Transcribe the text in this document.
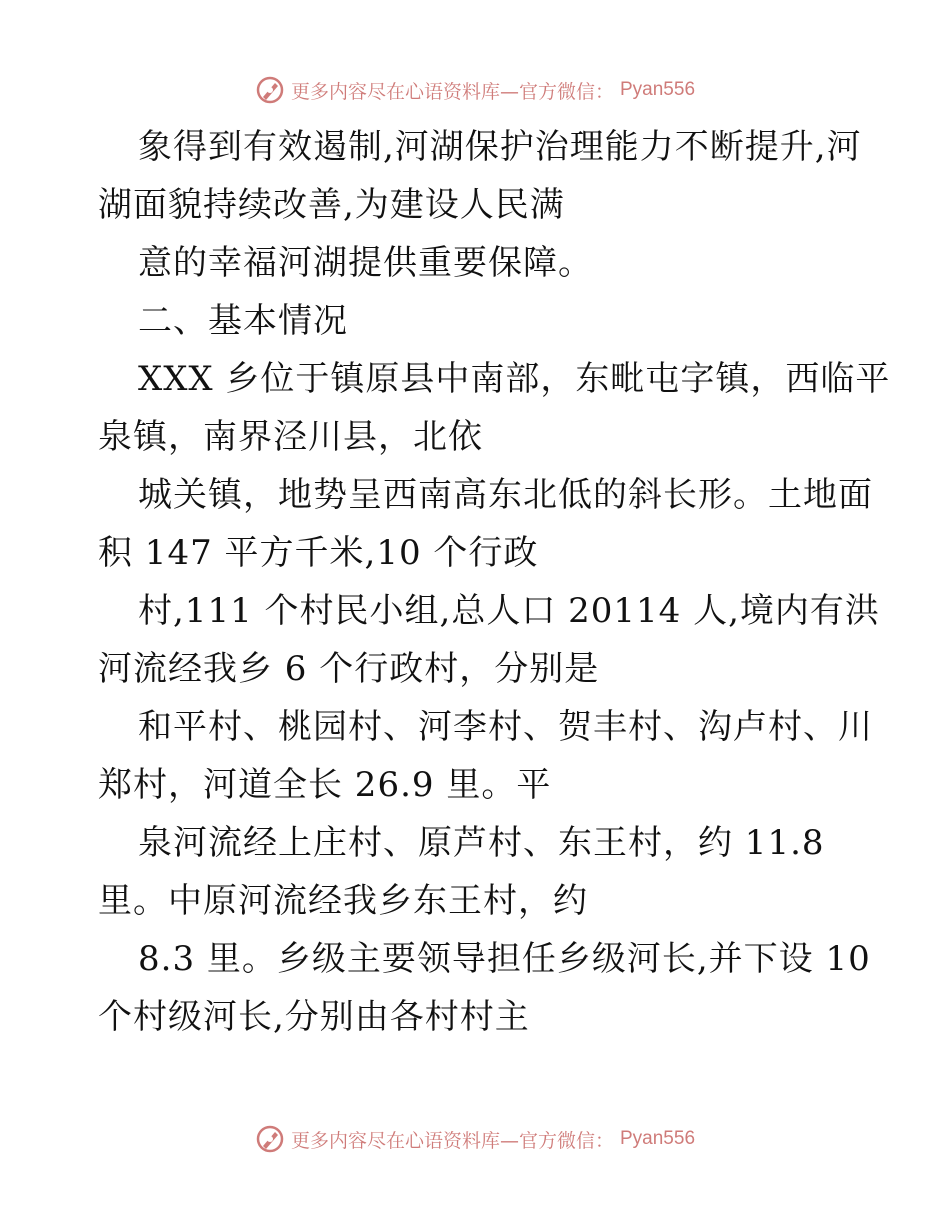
更多内容尽在心语资料库—官方微信： Pyan556
象得到有效遏制,河湖保护治理能力不断提升,河
湖面貌持续改善,为建设人民满
意的幸福河湖提供重要保障。
二、基本情况
XXX 乡位于镇原县中南部，东毗屯字镇，西临平
泉镇，南界泾川县，北依
城关镇，地势呈西南高东北低的斜长形。土地面
积 147 平方千米,10 个行政
村,111 个村民小组,总人口 20114 人,境内有洪
河流经我乡 6 个行政村，分别是
和平村、桃园村、河李村、贺丰村、沟卢村、川
郑村，河道全长 26.9 里。平
泉河流经上庄村、原芦村、东王村，约 11.8
里。中原河流经我乡东王村，约
8.3 里。乡级主要领导担任乡级河长,并下设 10
个村级河长,分别由各村村主
更多内容尽在心语资料库—官方微信： Pyan556
